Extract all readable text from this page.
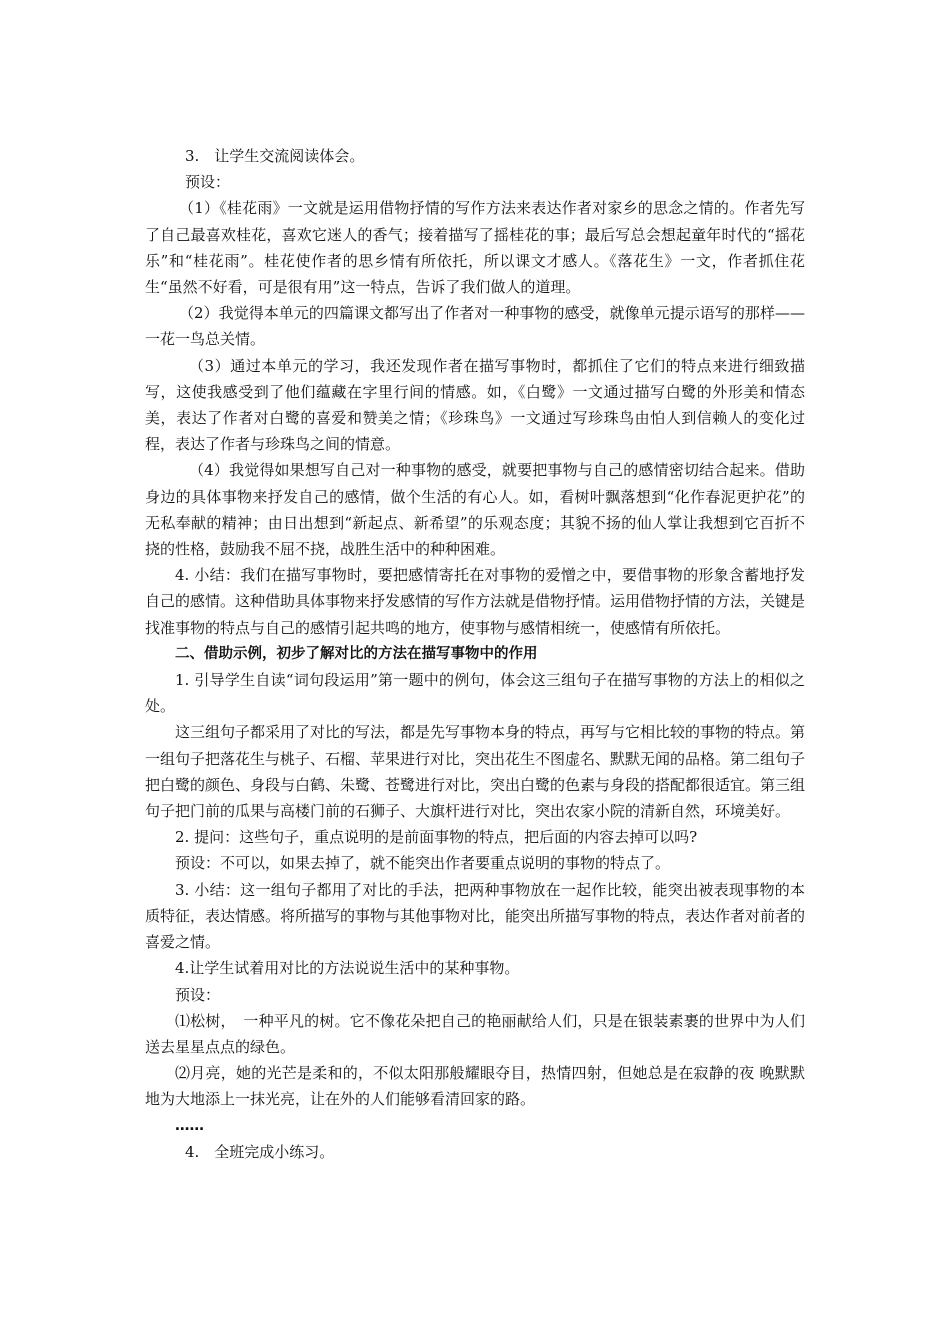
3.　让学生交流阅读体会。

预设：

（1）《桂花雨》一文就是运用借物抒情的写作方法来表达作者对家乡的思念之情的。作者先写了自己最喜欢桂花，喜欢它迷人的香气；接着描写了摇桂花的事；最后写总会想起童年时代的“摇花乐”和“桂花雨”。桂花使作者的思乡情有所依托，所以课文才感人。《落花生》一文，作者抓住花生“虽然不好看，可是很有用”这一特点，告诉了我们做人的道理。

（2）我觉得本单元的四篇课文都写出了作者对一种事物的感受，就像单元提示语写的那样——一花一鸟总关情。

（3）通过本单元的学习，我还发现作者在描写事物时，都抓住了它们的特点来进行细致描写，这使我感受到了他们蕴藏在字里行间的情感。如，《白鹭》一文通过描写白鹭的外形美和情态美，表达了作者对白鹭的喜爱和赞美之情；《珍珠鸟》一文通过写珍珠鸟由怕人到信赖人的变化过程，表达了作者与珍珠鸟之间的情意。

（4）我觉得如果想写自己对一种事物的感受，就要把事物与自己的感情密切结合起来。借助身边的具体事物来抒发自己的感情，做个生活的有心人。如，看树叶飘落想到“化作春泥更护花”的无私奉献的精神；由日出想到“新起点、新希望”的乐观态度；其貌不扬的仙人掌让我想到它百折不挠的性格，鼓励我不屈不挠，战胜生活中的种种困难。

4. 小结：我们在描写事物时，要把感情寄托在对事物的爱憎之中，要借事物的形象含蓄地抒发自己的感情。这种借助具体事物来抒发感情的写作方法就是借物抒情。运用借物抒情的方法，关键是找准事物的特点与自己的感情引起共鸣的地方，使事物与感情相统一，使感情有所依托。

二、借助示例，初步了解对比的方法在描写事物中的作用

1. 引导学生自读“词句段运用”第一题中的例句，体会这三组句子在描写事物的方法上的相似之处。

这三组句子都采用了对比的写法，都是先写事物本身的特点，再写与它相比较的事物的特点。第一组句子把落花生与桃子、石榴、苹果进行对比，突出花生不图虚名、默默无闻的品格。第二组句子把白鹭的颜色、身段与白鹤、朱鹭、苍鹭进行对比，突出白鹭的色素与身段的搭配都很适宜。第三组句子把门前的瓜果与高楼门前的石狮子、大旗杆进行对比，突出农家小院的清新自然，环境美好。

2. 提问：这些句子，重点说明的是前面事物的特点，把后面的内容去掉可以吗?

预设：不可以，如果去掉了，就不能突出作者要重点说明的事物的特点了。

3. 小结：这一组句子都用了对比的手法，把两种事物放在一起作比较，能突出被表现事物的本质特征，表达情感。将所描写的事物与其他事物对比，能突出所描写事物的特点，表达作者对前者的喜爱之情。

4.让学生试着用对比的方法说说生活中的某种事物。

预设：

⑴松树，　一种平凡的树。它不像花朵把自己的艳丽献给人们，只是在银装素裹的世界中为人们送去星星点点的绿色。

⑵月亮，她的光芒是柔和的，不似太阳那般耀眼夺目，热情四射，但她总是在寂静的夜 晚默默地为大地添上一抹光亮，让在外的人们能够看清回家的路。

……

4.　全班完成小练习。
